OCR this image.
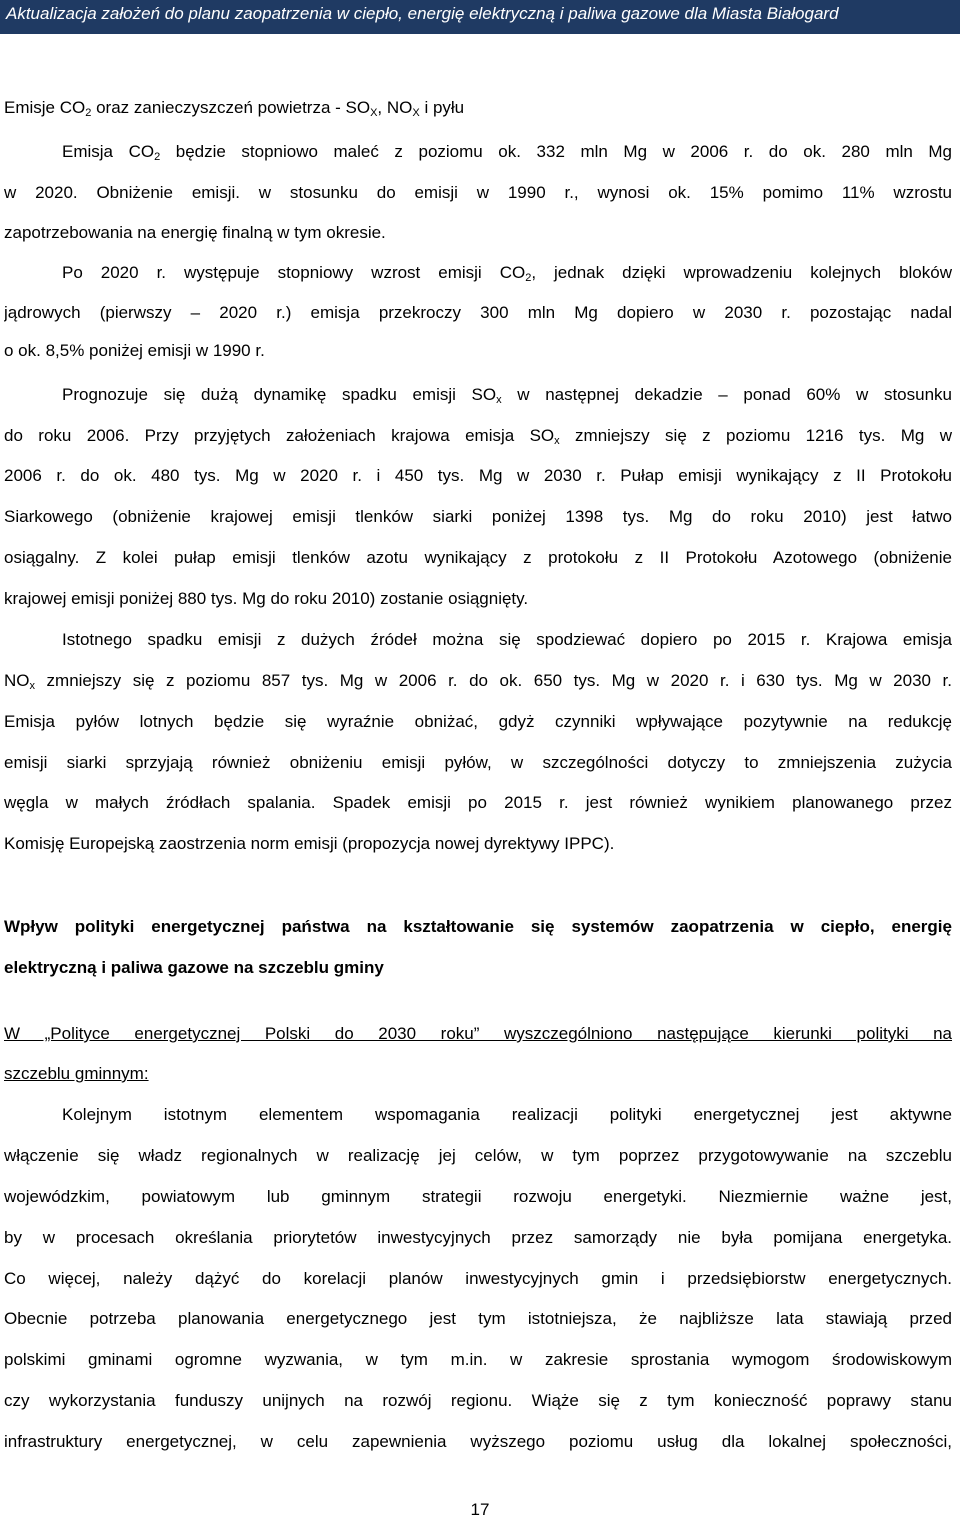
Aktualizacja założeń do planu zaopatrzenia w ciepło, energię elektryczną i paliwa gazowe dla Miasta Białogard
Emisje $CO_2$ oraz zanieczyszczeń powietrza - $SO_X$, $NO_X$ i pyłu
Emisja $CO_2$ będzie stopniowo maleć z poziomu ok. 332 mln Mg w 2006 r. do ok. 280 mln Mg
w 2020. Obniżenie emisji. w stosunku do emisji w 1990 r., wynosi ok. 15% pomimo 11% wzrostu
zapotrzebowania na energię finalną w tym okresie.
Po 2020 r. występuje stopniowy wzrost emisji $CO_2$, jednak dzięki wprowadzeniu kolejnych bloków
jądrowych (pierwszy – 2020 r.) emisja przekroczy 300 mln Mg dopiero w 2030 r. pozostając nadal
o ok. 8,5% poniżej emisji w 1990 r.
Prognozuje się dużą dynamikę spadku emisji $SO_x$ w następnej dekadzie – ponad 60% w stosunku
do roku 2006. Przy przyjętych założeniach krajowa emisja $SO_x$ zmniejszy się z poziomu 1216 tys. Mg w
2006 r. do ok. 480 tys. Mg w 2020 r. i 450 tys. Mg w 2030 r. Pułap emisji wynikający z II Protokołu
Siarkowego (obniżenie krajowej emisji tlenków siarki poniżej 1398 tys. Mg do roku 2010) jest łatwo
osiągalny. Z kolei pułap emisji tlenków azotu wynikający z protokołu z II Protokołu Azotowego (obniżenie
krajowej emisji poniżej 880 tys. Mg do roku 2010) zostanie osiągnięty.
Istotnego spadku emisji z dużych źródeł można się spodziewać dopiero po 2015 r. Krajowa emisja
$NO_x$ zmniejszy się z poziomu 857 tys. Mg w 2006 r. do ok. 650 tys. Mg w 2020 r. i 630 tys. Mg w 2030 r.
Emisja pyłów lotnych będzie się wyraźnie obniżać, gdyż czynniki wpływające pozytywnie na redukcję
emisji siarki sprzyjają również obniżeniu emisji pyłów, w szczególności dotyczy to zmniejszenia zużycia
węgla w małych źródłach spalania. Spadek emisji po 2015 r. jest również wynikiem planowanego przez
Komisję Europejską zaostrzenia norm emisji (propozycja nowej dyrektywy IPPC).
Wpływ polityki energetycznej państwa na kształtowanie się systemów zaopatrzenia w ciepło, energię
elektryczną i paliwa gazowe na szczeblu gminy
W „Polityce energetycznej Polski do 2030 roku” wyszczególniono następujące kierunki polityki na
szczeblu gminnym:
Kolejnym istotnym elementem wspomagania realizacji polityki energetycznej jest aktywne
włączenie się władz regionalnych w realizację jej celów, w tym poprzez przygotowywanie na szczeblu
wojewódzkim, powiatowym lub gminnym strategii rozwoju energetyki. Niezmiernie ważne jest,
by w procesach określania priorytetów inwestycyjnych przez samorządy nie była pomijana energetyka.
Co więcej, należy dążyć do korelacji planów inwestycyjnych gmin i przedsiębiorstw energetycznych.
Obecnie potrzeba planowania energetycznego jest tym istotniejsza, że najbliższe lata stawiają przed
polskimi gminami ogromne wyzwania, w tym m.in. w zakresie sprostania wymogom środowiskowym
czy wykorzystania funduszy unijnych na rozwój regionu. Wiąże się z tym konieczność poprawy stanu
infrastruktury energetycznej, w celu zapewnienia wyższego poziomu usług dla lokalnej społeczności,
17
